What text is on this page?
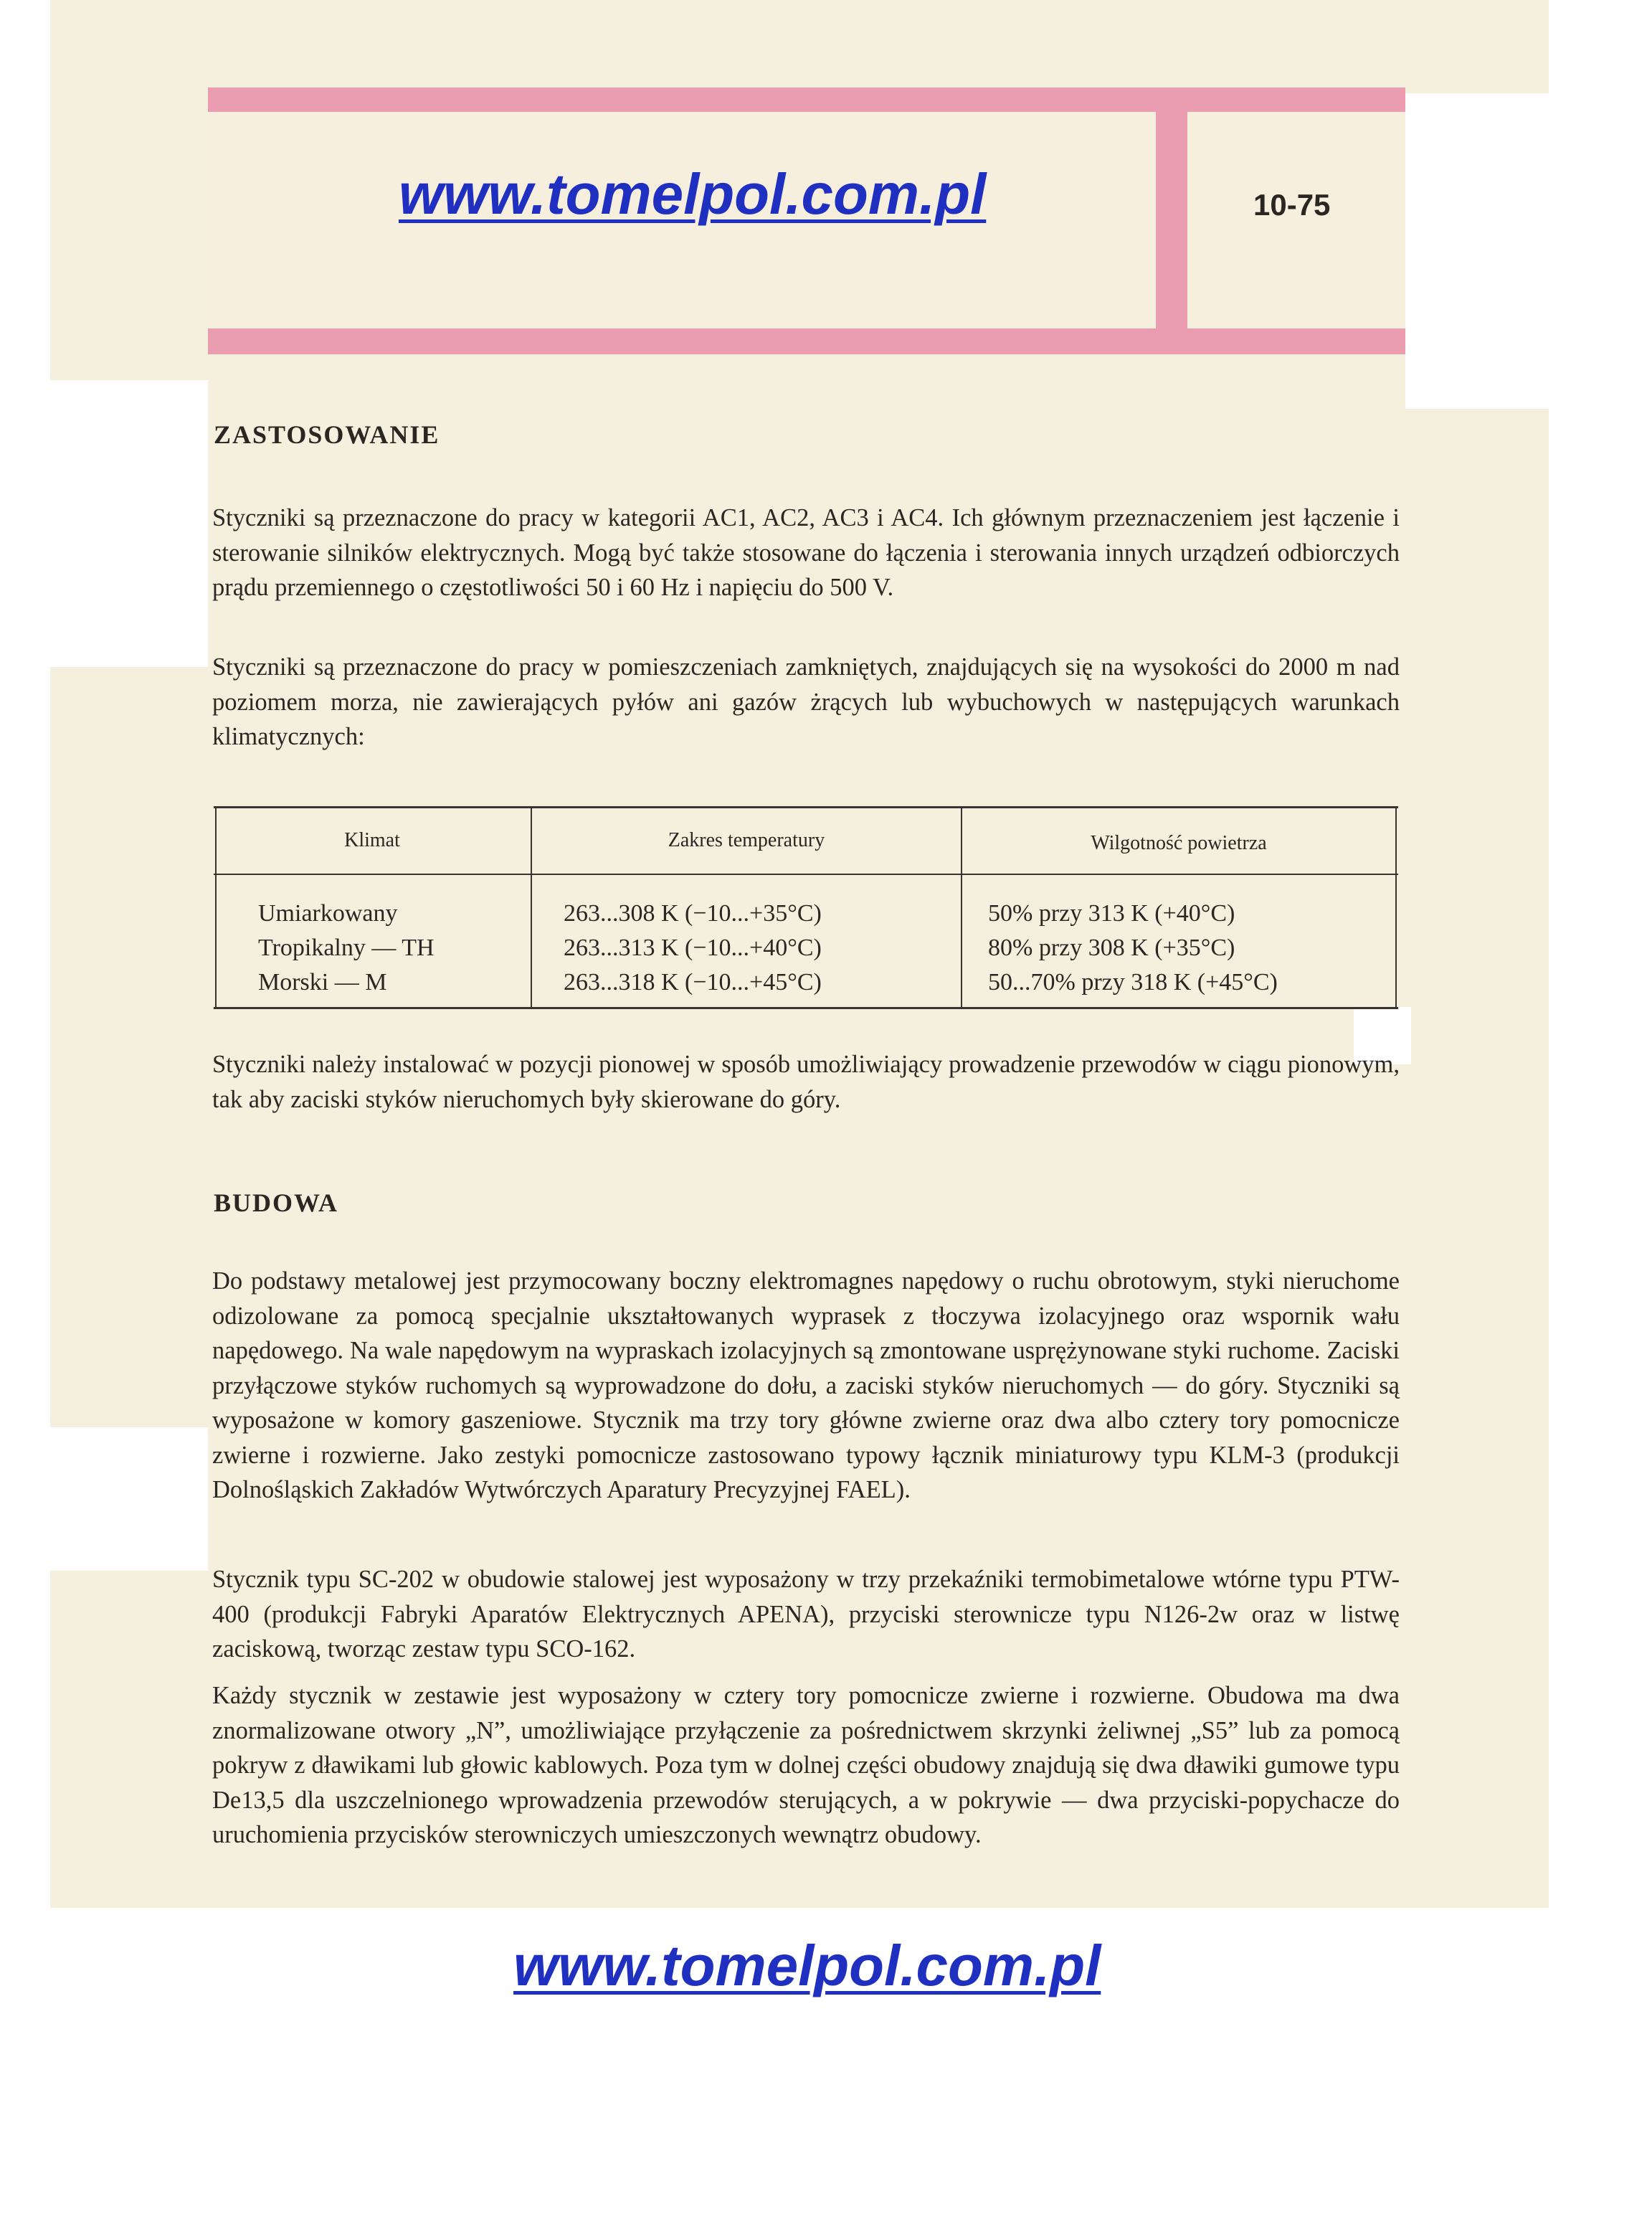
www.tomelpol.com.pl	10-75
ZASTOSOWANIE

Styczniki są przeznaczone do pracy w kategorii AC1, AC2, AC3 i AC4. Ich głównym przeznaczeniem jest łączenie i sterowanie silników elektrycznych. Mogą być także stosowane do łączenia i sterowania innych urządzeń odbiorczych prądu przemiennego o częstotliwości 50 i 60 Hz i napięciu do 500 V.

Styczniki są przeznaczone do pracy w pomieszczeniach zamkniętych, znajdujących się na wysokości do 2000 m nad poziomem morza, nie zawierających pyłów ani gazów żrących lub wybuchowych w następujących warunkach klimatycznych:

Klimat	Zakres temperatury	Wilgotność powietrza
Umiarkowany	263...308 K (−10...+35°C)	50% przy 313 K (+40°C)
Tropikalny — TH	263...313 K (−10...+40°C)	80% przy 308 K (+35°C)
Morski — M	263...318 K (−10...+45°C)	50...70% przy 318 K (+45°C)

Styczniki należy instalować w pozycji pionowej w sposób umożliwiający prowadzenie przewodów w ciągu pionowym, tak aby zaciski styków nieruchomych były skierowane do góry.

BUDOWA

Do podstawy metalowej jest przymocowany boczny elektromagnes napędowy o ruchu obrotowym, styki nieruchome odizolowane za pomocą specjalnie ukształtowanych wyprasek z tłoczywa izolacyjnego oraz wspornik wału napędowego. Na wale napędowym na wypraskach izolacyjnych są zmontowane usprężynowane styki ruchome. Zaciski przyłączowe styków ruchomych są wyprowadzone do dołu, a zaciski styków nieruchomych — do góry. Styczniki są wyposażone w komory gaszeniowe. Stycznik ma trzy tory główne zwierne oraz dwa albo cztery tory pomocnicze zwierne i rozwierne. Jako zestyki pomocnicze zastosowano typowy łącznik miniaturowy typu KLM-3 (produkcji Dolnośląskich Zakładów Wytwórczych Aparatury Precyzyjnej FAEL).

Stycznik typu SC-202 w obudowie stalowej jest wyposażony w trzy przekaźniki termobimetalowe wtórne typu PTW-400 (produkcji Fabryki Aparatów Elektrycznych APENA), przyciski sterownicze typu N126-2w oraz w listwę zaciskową, tworząc zestaw typu SCO-162.

Każdy stycznik w zestawie jest wyposażony w cztery tory pomocnicze zwierne i rozwierne. Obudowa ma dwa znormalizowane otwory „N”, umożliwiające przyłączenie za pośrednictwem skrzynki żeliwnej „S5” lub za pomocą pokryw z dławikami lub głowic kablowych. Poza tym w dolnej części obudowy znajdują się dwa dławiki gumowe typu De13,5 dla uszczelnionego wprowadzenia przewodów sterujących, a w pokrywie — dwa przyciski-popychacze do uruchomienia przycisków sterowniczych umieszczonych wewnątrz obudowy.

www.tomelpol.com.pl
